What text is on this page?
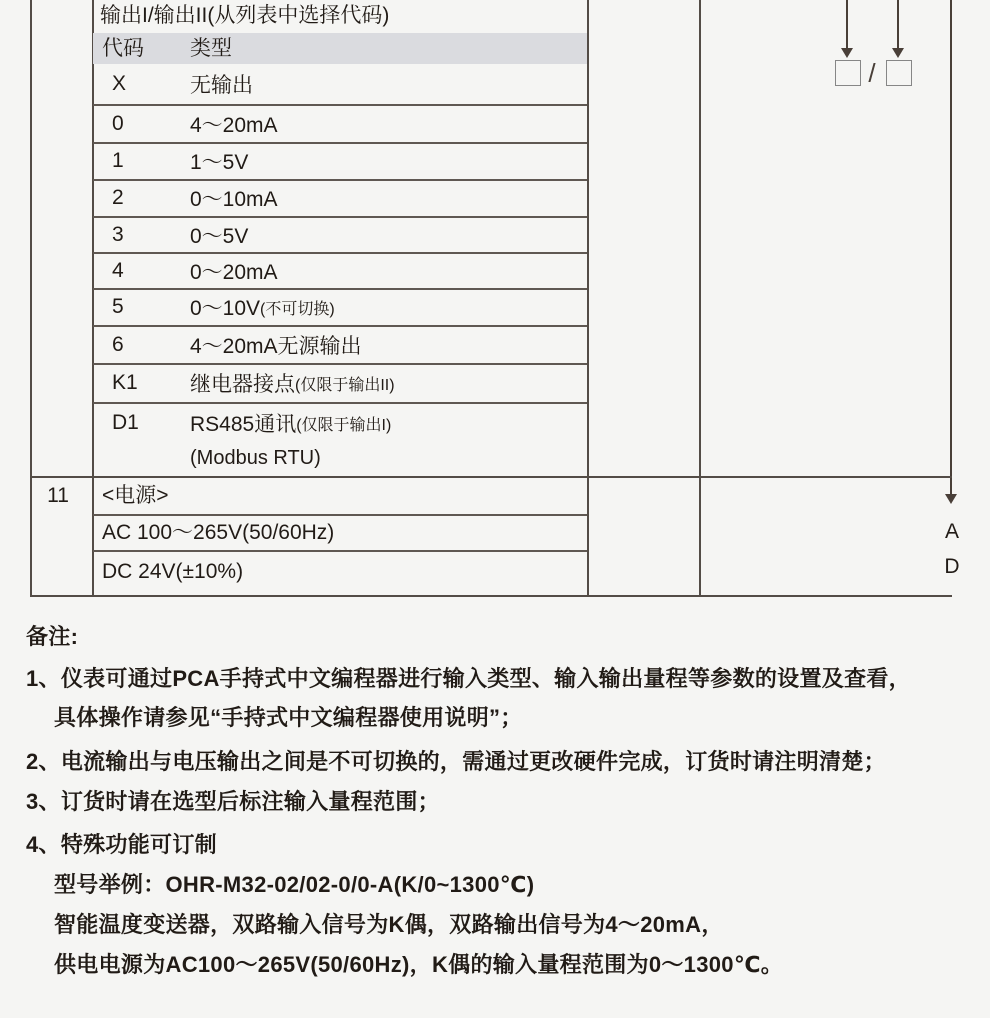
输出I/输出II(从列表中选择代码)
代码 类型
X	无输出
0	4～20mA
1	1～5V
2	0～10mA
3	0～5V
4	0～20mA
5	0～10V (不可切换)
6	4～20mA无源输出
K1 继电器接点 (仅限于输出II)
D1 RS485通讯 (仅限于输出I)
(Modbus RTU)
/
11	<电源>
AC 100～265V(50/60Hz)
DC 24V(±10%)
A
D
备注:
1、仪表可通过PCA手持式中文编程器进行输入类型、输入输出量程等参数的设置及查看，
具体操作请参见“手持式中文编程器使用说明”；
2、电流输出与电压输出之间是不可切换的，需通过更改硬件完成，订货时请注明清楚；
3、订货时请在选型后标注输入量程范围；
4、特殊功能可订制
型号举例：OHR-M32-02/02-0/0-A(K/0~1300℃)
智能温度变送器，双路输入信号为K偶，双路输出信号为4～20mA，
供电电源为AC100～265V(50/60Hz)，K偶的输入量程范围为0～1300℃。
